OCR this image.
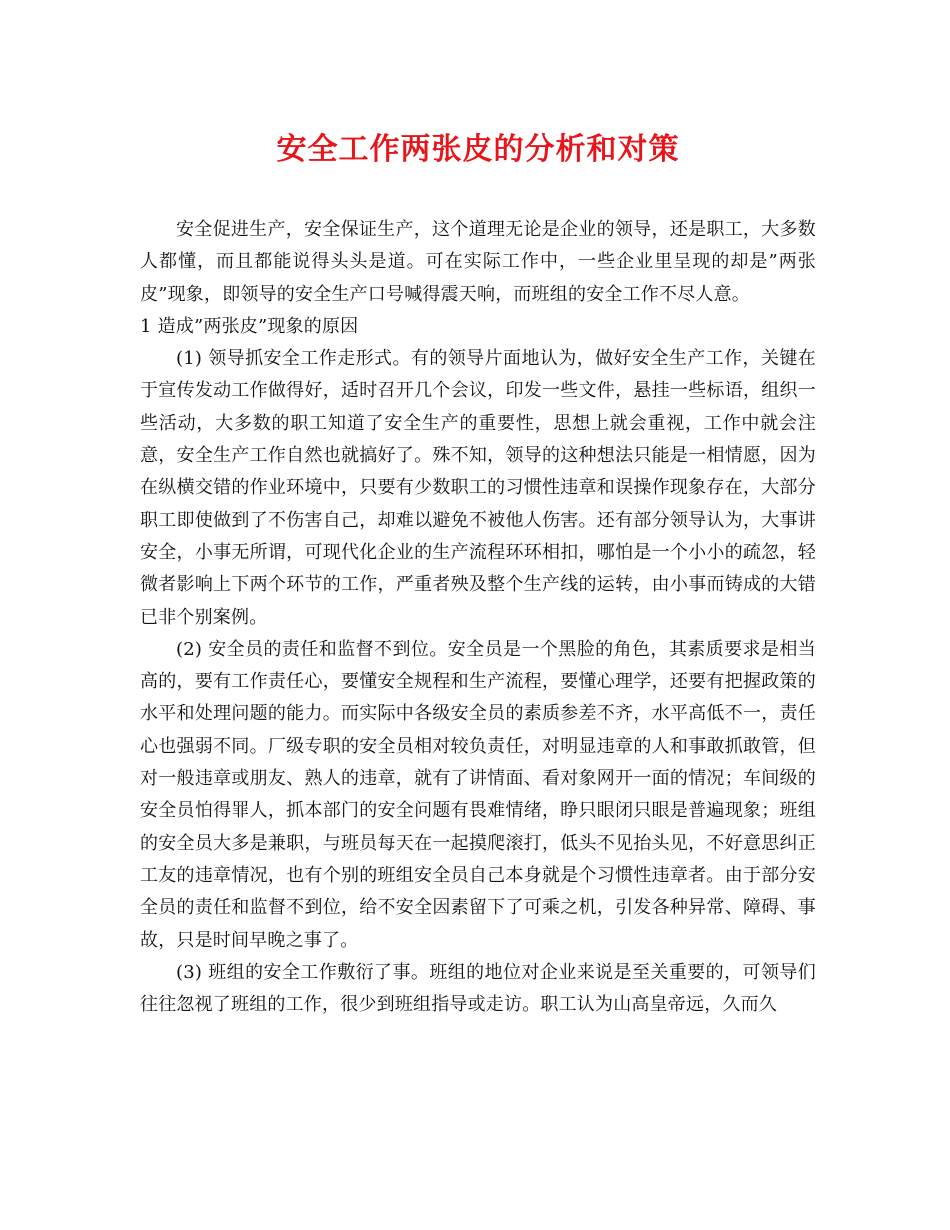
安全工作两张皮的分析和对策

安全促进生产，安全保证生产，这个道理无论是企业的领导，还是职工，大多数人都懂，而且都能说得头头是道。可在实际工作中，一些企业里呈现的却是”两张皮”现象，即领导的安全生产口号喊得震天响，而班组的安全工作不尽人意。

1 造成”两张皮”现象的原因

(1) 领导抓安全工作走形式。有的领导片面地认为，做好安全生产工作，关键在于宣传发动工作做得好，适时召开几个会议，印发一些文件，悬挂一些标语，组织一些活动，大多数的职工知道了安全生产的重要性，思想上就会重视，工作中就会注意，安全生产工作自然也就搞好了。殊不知，领导的这种想法只能是一相情愿，因为在纵横交错的作业环境中，只要有少数职工的习惯性违章和误操作现象存在，大部分职工即使做到了不伤害自己，却难以避免不被他人伤害。还有部分领导认为，大事讲安全，小事无所谓，可现代化企业的生产流程环环相扣，哪怕是一个小小的疏忽，轻微者影响上下两个环节的工作，严重者殃及整个生产线的运转，由小事而铸成的大错已非个别案例。

(2) 安全员的责任和监督不到位。安全员是一个黑脸的角色，其素质要求是相当高的，要有工作责任心，要懂安全规程和生产流程，要懂心理学，还要有把握政策的水平和处理问题的能力。而实际中各级安全员的素质参差不齐，水平高低不一，责任心也强弱不同。厂级专职的安全员相对较负责任，对明显违章的人和事敢抓敢管，但对一般违章或朋友、熟人的违章，就有了讲情面、看对象网开一面的情况；车间级的安全员怕得罪人，抓本部门的安全问题有畏难情绪，睁只眼闭只眼是普遍现象；班组的安全员大多是兼职，与班员每天在一起摸爬滚打，低头不见抬头见，不好意思纠正工友的违章情况，也有个别的班组安全员自己本身就是个习惯性违章者。由于部分安全员的责任和监督不到位，给不安全因素留下了可乘之机，引发各种异常、障碍、事故，只是时间早晚之事了。

(3) 班组的安全工作敷衍了事。班组的地位对企业来说是至关重要的，可领导们往往忽视了班组的工作，很少到班组指导或走访。职工认为山高皇帝远，久而久
